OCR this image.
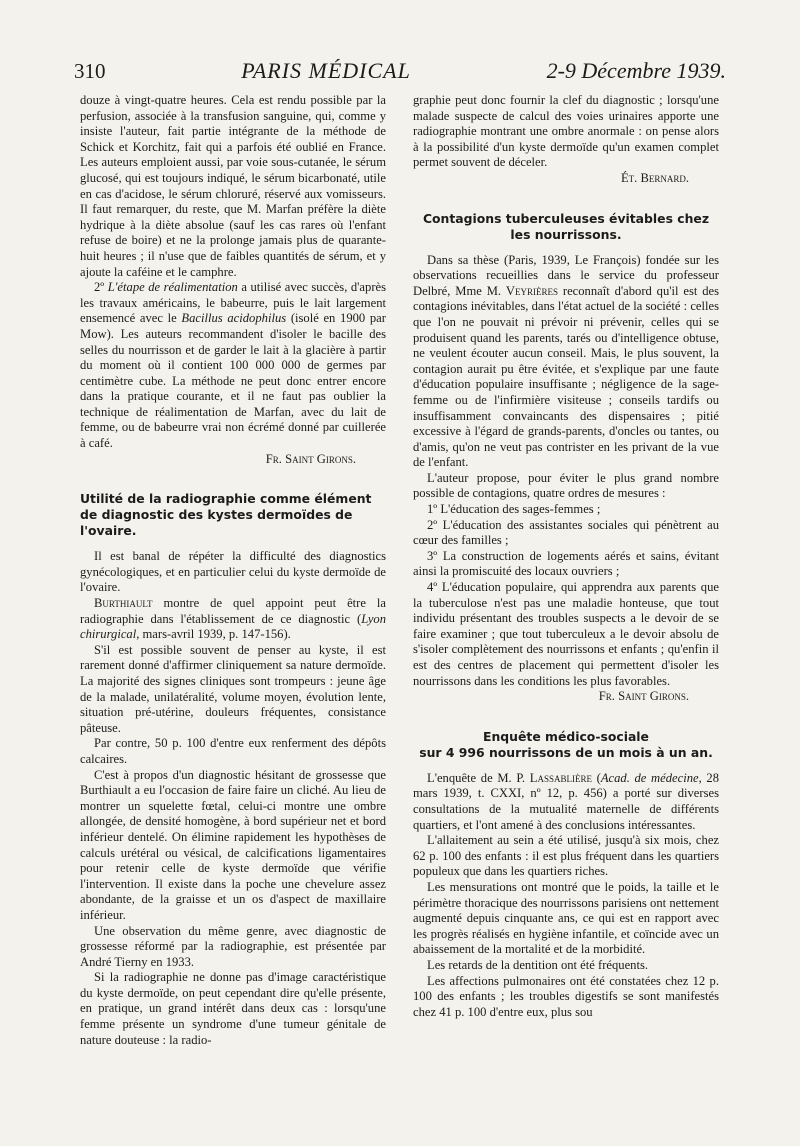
310	PARIS MÉDICAL	2-9 Décembre 1939.

douze à vingt-quatre heures. Cela est rendu possible par la perfusion, associée à la transfusion sanguine, qui, comme y insiste l'auteur, fait partie intégrante de la méthode de Schick et Korchitz, fait qui a parfois été oublié en France. Les auteurs emploient aussi, par voie sous-cutanée, le sérum glucosé, qui est toujours indiqué, le sérum bicarbonaté, utile en cas d'acidose, le sérum chloruré, réservé aux vomisseurs. Il faut remarquer, du reste, que M. Marfan préfère la diète hydrique à la diète absolue (sauf les cas rares où l'enfant refuse de boire) et ne la prolonge jamais plus de quarante-huit heures ; il n'use que de faibles quantités de sérum, et y ajoute la caféine et le camphre.

2º L'étape de réalimentation a utilisé avec succès, d'après les travaux américains, le babeurre, puis le lait largement ensemencé avec le Bacillus acidophilus (isolé en 1900 par Mow). Les auteurs recommandent d'isoler le bacille des selles du nourrisson et de garder le lait à la glacière à partir du moment où il contient 100 000 000 de germes par centimètre cube. La méthode ne peut donc entrer encore dans la pratique courante, et il ne faut pas oublier la technique de réalimentation de Marfan, avec du lait de femme, ou de babeurre vrai non écrémé donné par cuillerée à café.

Fr. Saint Girons.

Utilité de la radiographie comme élément de diagnostic des kystes dermoïdes de l'ovaire.

Il est banal de répéter la difficulté des diagnostics gynécologiques, et en particulier celui du kyste dermoïde de l'ovaire.

Burthiault montre de quel appoint peut être la radiographie dans l'établissement de ce diagnostic (Lyon chirurgical, mars-avril 1939, p. 147-156).

S'il est possible souvent de penser au kyste, il est rarement donné d'affirmer cliniquement sa nature dermoïde. La majorité des signes cliniques sont trompeurs : jeune âge de la malade, unilatéralité, volume moyen, évolution lente, situation pré-utérine, douleurs fréquentes, consistance pâteuse.

Par contre, 50 p. 100 d'entre eux renferment des dépôts calcaires.

C'est à propos d'un diagnostic hésitant de grossesse que Burthiault a eu l'occasion de faire faire un cliché. Au lieu de montrer un squelette fœtal, celui-ci montre une ombre allongée, de densité homogène, à bord supérieur net et bord inférieur dentelé. On élimine rapidement les hypothèses de calculs urétéral ou vésical, de calcifications ligamentaires pour retenir celle de kyste dermoïde que vérifie l'intervention. Il existe dans la poche une chevelure assez abondante, de la graisse et un os d'aspect de maxillaire inférieur.

Une observation du même genre, avec diagnostic de grossesse réformé par la radiographie, est présentée par André Tierny en 1933.

Si la radiographie ne donne pas d'image caractéristique du kyste dermoïde, on peut cependant dire qu'elle présente, en pratique, un grand intérêt dans deux cas : lorsqu'une femme présente un syndrome d'une tumeur génitale de nature douteuse : la radio-

graphie peut donc fournir la clef du diagnostic ; lorsqu'une malade suspecte de calcul des voies urinaires apporte une radiographie montrant une ombre anormale : on pense alors à la possibilité d'un kyste dermoïde qu'un examen complet permet souvent de déceler.

Ét. Bernard.

Contagions tuberculeuses évitables chez les nourrissons.

Dans sa thèse (Paris, 1939, Le François) fondée sur les observations recueillies dans le service du professeur Delbré, Mme M. Veyrières reconnaît d'abord qu'il est des contagions inévitables, dans l'état actuel de la société : celles que l'on ne pouvait ni prévoir ni prévenir, celles qui se produisent quand les parents, tarés ou d'intelligence obtuse, ne veulent écouter aucun conseil. Mais, le plus souvent, la contagion aurait pu être évitée, et s'explique par une faute d'éducation populaire insuffisante ; négligence de la sage-femme ou de l'infirmière visiteuse ; conseils tardifs ou insuffisamment convaincants des dispensaires ; pitié excessive à l'égard de grands-parents, d'oncles ou tantes, ou d'amis, qu'on ne veut pas contrister en les privant de la vue de l'enfant.

L'auteur propose, pour éviter le plus grand nombre possible de contagions, quatre ordres de mesures :

1º L'éducation des sages-femmes ;

2º L'éducation des assistantes sociales qui pénètrent au cœur des familles ;

3º La construction de logements aérés et sains, évitant ainsi la promiscuité des locaux ouvriers ;

4º L'éducation populaire, qui apprendra aux parents que la tuberculose n'est pas une maladie honteuse, que tout individu présentant des troubles suspects a le devoir de se faire examiner ; que tout tuberculeux a le devoir absolu de s'isoler complètement des nourrissons et enfants ; qu'enfin il est des centres de placement qui permettent d'isoler les nourrissons dans les conditions les plus favorables.

Fr. Saint Girons.

Enquête médico-sociale
sur 4 996 nourrissons de un mois à un an.

L'enquête de M. P. Lassablière (Acad. de médecine, 28 mars 1939, t. CXXI, nº 12, p. 456) a porté sur diverses consultations de la mutualité maternelle de différents quartiers, et l'ont amené à des conclusions intéressantes.

L'allaitement au sein a été utilisé, jusqu'à six mois, chez 62 p. 100 des enfants : il est plus fréquent dans les quartiers populeux que dans les quartiers riches.

Les mensurations ont montré que le poids, la taille et le périmètre thoracique des nourrissons parisiens ont nettement augmenté depuis cinquante ans, ce qui est en rapport avec les progrès réalisés en hygiène infantile, et coïncide avec un abaissement de la mortalité et de la morbidité.

Les retards de la dentition ont été fréquents.

Les affections pulmonaires ont été constatées chez 12 p. 100 des enfants ; les troubles digestifs se sont manifestés chez 41 p. 100 d'entre eux, plus sou
